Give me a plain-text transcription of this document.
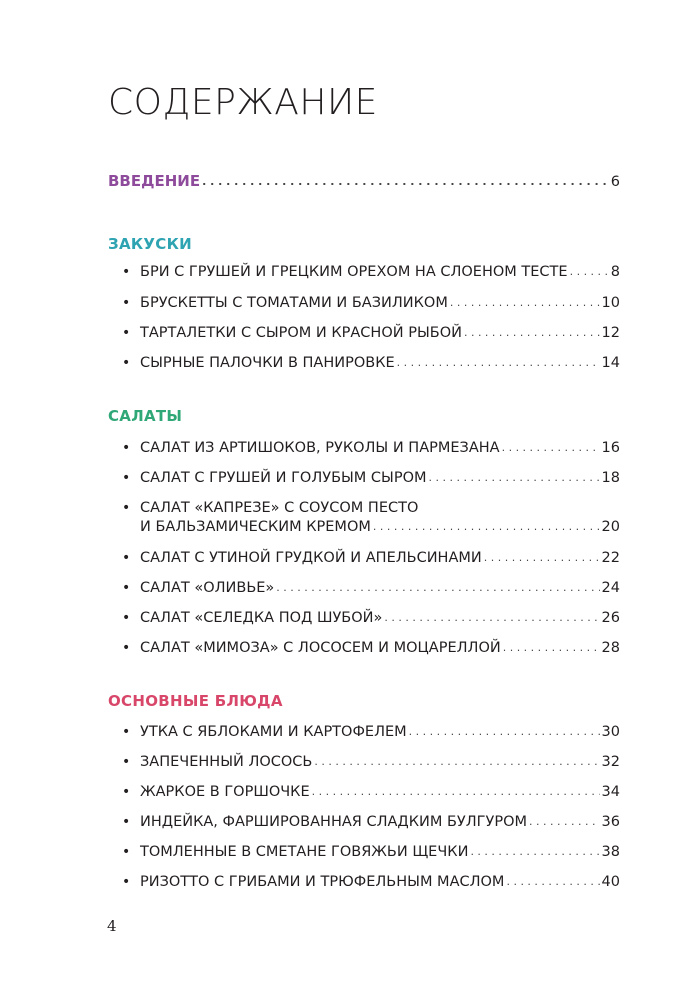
СОДЕРЖАНИЕ
ВВЕДЕНИЕ . . .	6
ЗАКУСКИ
• БРИ С ГРУШЕЙ И ГРЕЦКИМ ОРЕХОМ НА СЛОЕНОМ ТЕСТЕ . . .	8
• БРУСКЕТТЫ С ТОМАТАМИ И БАЗИЛИКОМ . . .	10
• ТАРТАЛЕТКИ С СЫРОМ И КРАСНОЙ РЫБОЙ . . .	12
• СЫРНЫЕ ПАЛОЧКИ В ПАНИРОВКЕ . . .	14
САЛАТЫ
• САЛАТ ИЗ АРТИШОКОВ, РУКОЛЫ И ПАРМЕЗАНА . . .	16
• САЛАТ С ГРУШЕЙ И ГОЛУБЫМ СЫРОМ . . .	18
• САЛАТ «КАПРЕЗЕ» С СОУСОМ ПЕСТО
И БАЛЬЗАМИЧЕСКИМ КРЕМОМ . . .	20
• САЛАТ С УТИНОЙ ГРУДКОЙ И АПЕЛЬСИНАМИ . . .	22
• САЛАТ «ОЛИВЬЕ» . . .	24
• САЛАТ «СЕЛЕДКА ПОД ШУБОЙ» . . .	26
• САЛАТ «МИМОЗА» С ЛОСОСЕМ И МОЦАРЕЛЛОЙ . . .	28
ОСНОВНЫЕ БЛЮДА
• УТКА С ЯБЛОКАМИ И КАРТОФЕЛЕМ . . .	30
• ЗАПЕЧЕННЫЙ ЛОСОСЬ . . .	32
• ЖАРКОЕ В ГОРШОЧКЕ . . .	34
• ИНДЕЙКА, ФАРШИРОВАННАЯ СЛАДКИМ БУЛГУРОМ . . .	36
• ТОМЛЕННЫЕ В СМЕТАНЕ ГОВЯЖЬИ ЩЕЧКИ . . .	38
• РИЗОТТО С ГРИБАМИ И ТРЮФЕЛЬНЫМ МАСЛОМ . . .	40
4
